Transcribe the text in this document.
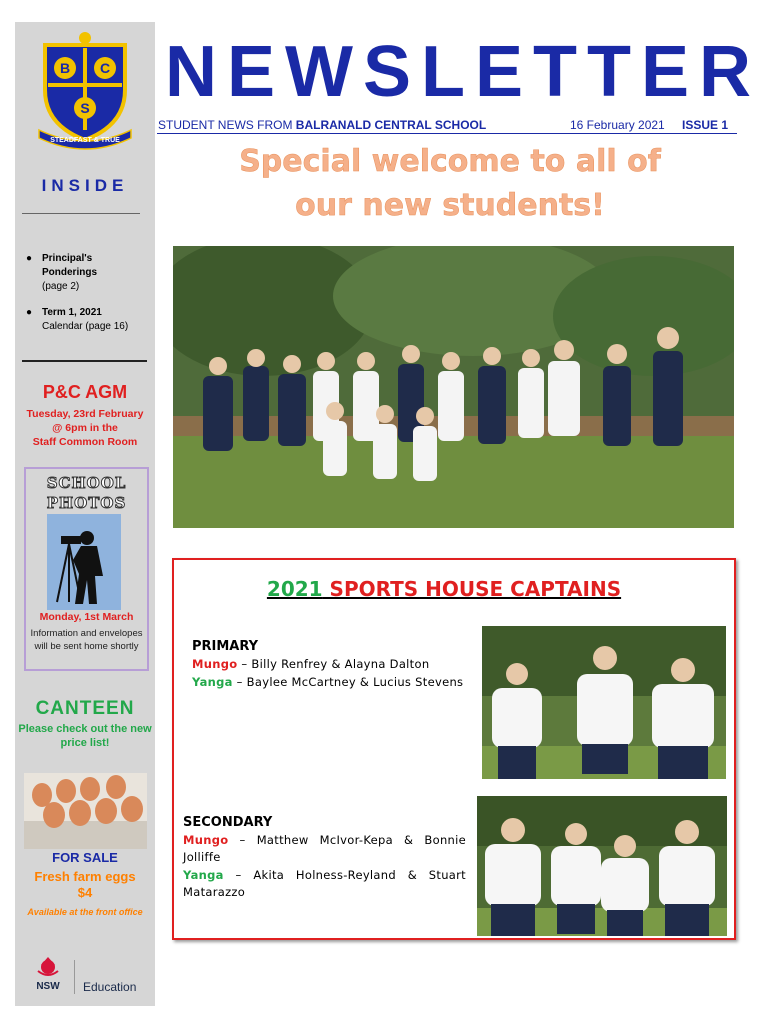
B C
S
STEADFAST & TRUE
INSIDE
● Principal's Ponderings
(page 2)
● Term 1, 2021
Calendar (page 16)
P&C AGM
Tuesday, 23rd February
@ 6pm in the
Staff Common Room
SCHOOL
PHOTOS
Monday, 1st March
Information and envelopes will be sent home shortly
CANTEEN
Please check out the new price list!
FOR SALE
Fresh farm eggs
$4
Available at the front office
NSW Education
NEWSLETTER
STUDENT NEWS FROM BALRANALD CENTRAL SCHOOL	16 February 2021 ISSUE 1
Special welcome to all of
our new students!
2021 SPORTS HOUSE CAPTAINS
PRIMARY
Mungo – Billy Renfrey & Alayna Dalton
Yanga – Baylee McCartney & Lucius Stevens
SECONDARY
Mungo – Matthew McIvor-Kepa & Bonnie Jolliffe
Yanga – Akita Holness-Reyland & Stuart Matarazzo
